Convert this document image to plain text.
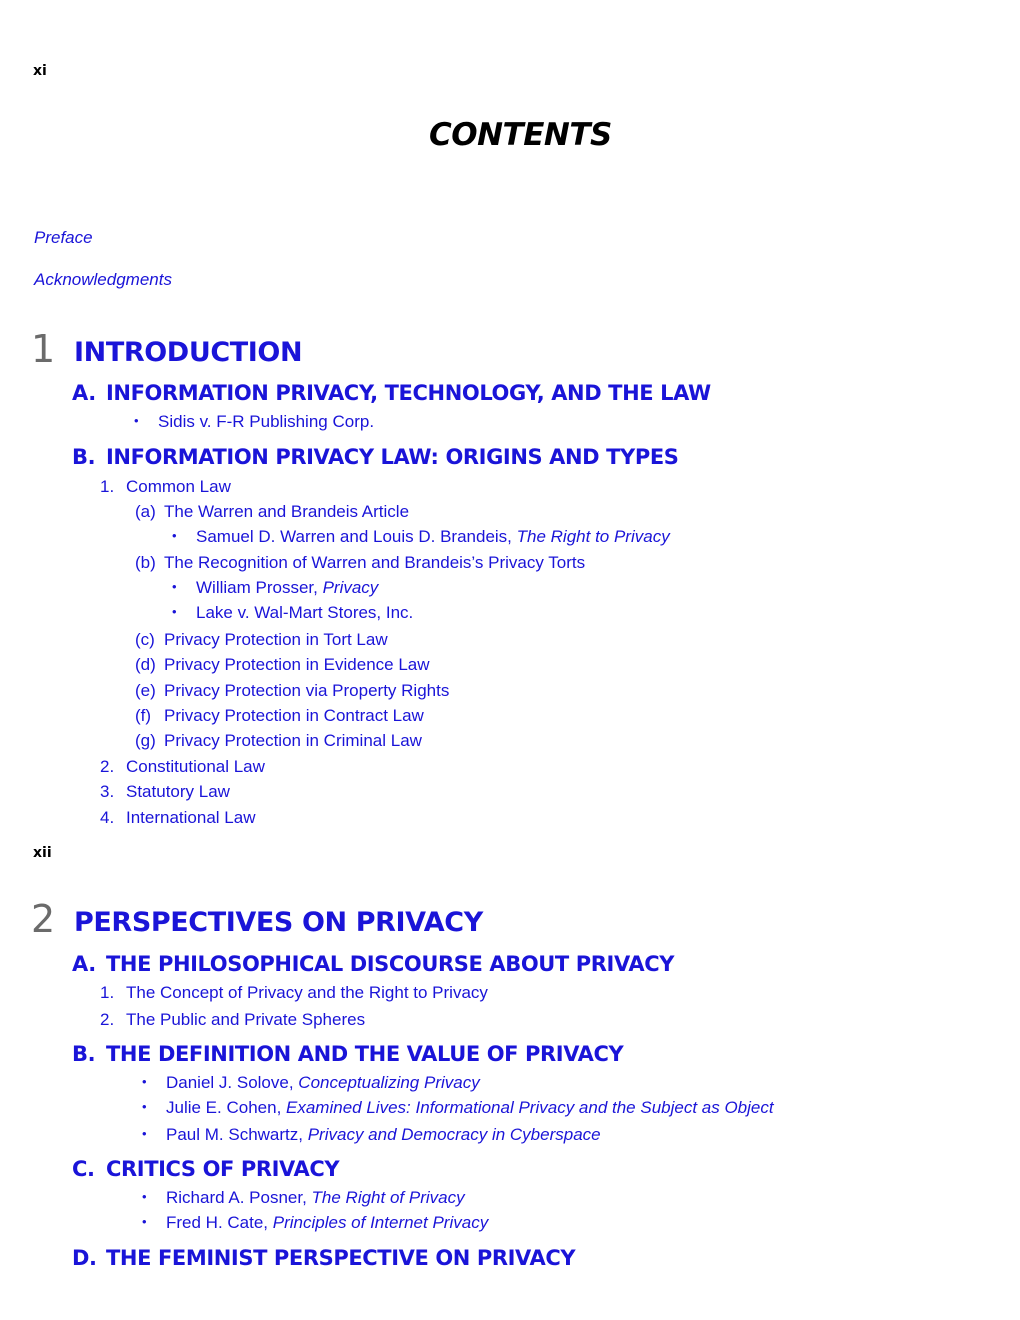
xi
CONTENTS
Preface
Acknowledgments
1 INTRODUCTION
A. INFORMATION PRIVACY, TECHNOLOGY, AND THE LAW
• Sidis v. F-R Publishing Corp.
B. INFORMATION PRIVACY LAW: ORIGINS AND TYPES
1. Common Law
(a) The Warren and Brandeis Article
• Samuel D. Warren and Louis D. Brandeis, The Right to Privacy
(b) The Recognition of Warren and Brandeis’s Privacy Torts
• William Prosser, Privacy
• Lake v. Wal-Mart Stores, Inc.
(c) Privacy Protection in Tort Law
(d) Privacy Protection in Evidence Law
(e) Privacy Protection via Property Rights
(f) Privacy Protection in Contract Law
(g) Privacy Protection in Criminal Law
2. Constitutional Law
3. Statutory Law
4. International Law
xii
2 PERSPECTIVES ON PRIVACY
A. THE PHILOSOPHICAL DISCOURSE ABOUT PRIVACY
1. The Concept of Privacy and the Right to Privacy
2. The Public and Private Spheres
B. THE DEFINITION AND THE VALUE OF PRIVACY
• Daniel J. Solove, Conceptualizing Privacy
• Julie E. Cohen, Examined Lives: Informational Privacy and the Subject as Object
• Paul M. Schwartz, Privacy and Democracy in Cyberspace
C. CRITICS OF PRIVACY
• Richard A. Posner, The Right of Privacy
• Fred H. Cate, Principles of Internet Privacy
D. THE FEMINIST PERSPECTIVE ON PRIVACY
